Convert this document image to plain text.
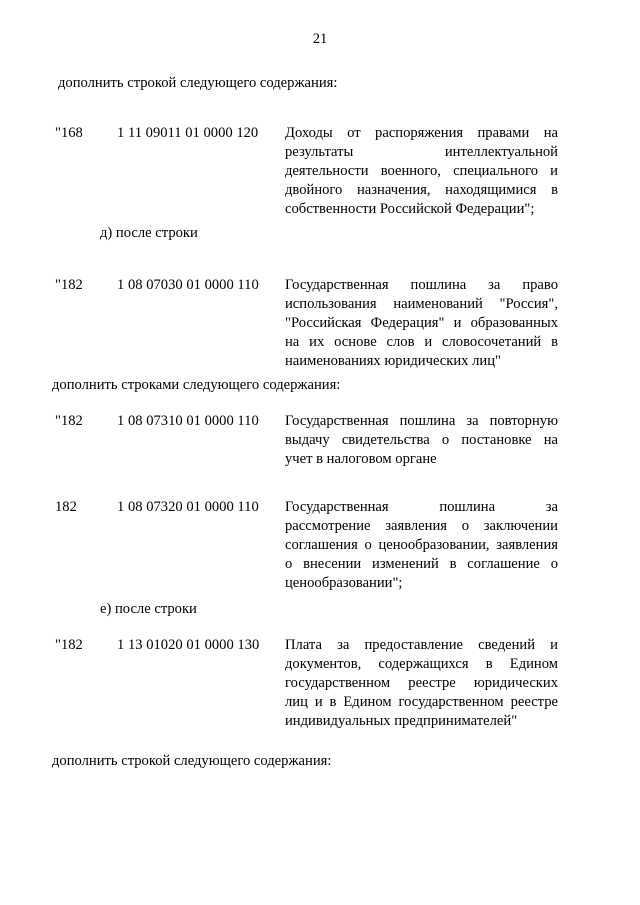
21
дополнить строкой следующего содержания:
"168 1 11 09011 01 0000 120 Доходы от распоряжения правами на
результаты интеллектуальной
деятельности военного, специального и
двойного назначения, находящимися в
собственности Российской Федерации";
д) после строки
"182 1 08 07030 01 0000 110 Государственная пошлина за право
использования наименований "Россия",
"Российская Федерация" и образованных
на их основе слов и словосочетаний в
наименованиях юридических лиц"
дополнить строками следующего содержания:
"182 1 08 07310 01 0000 110 Государственная пошлина за повторную
выдачу свидетельства о постановке на
учет в налоговом органе
182	1 08 07320 01 0000 110 Государственная пошлина за
рассмотрение заявления о заключении
соглашения о ценообразовании, заявления
о внесении изменений в соглашение о
ценообразовании";
е) после строки
"182 1 13 01020 01 0000 130 Плата за предоставление сведений и
документов, содержащихся в Едином
государственном реестре юридических
лиц и в Едином государственном реестре
индивидуальных предпринимателей"
дополнить строкой следующего содержания:
